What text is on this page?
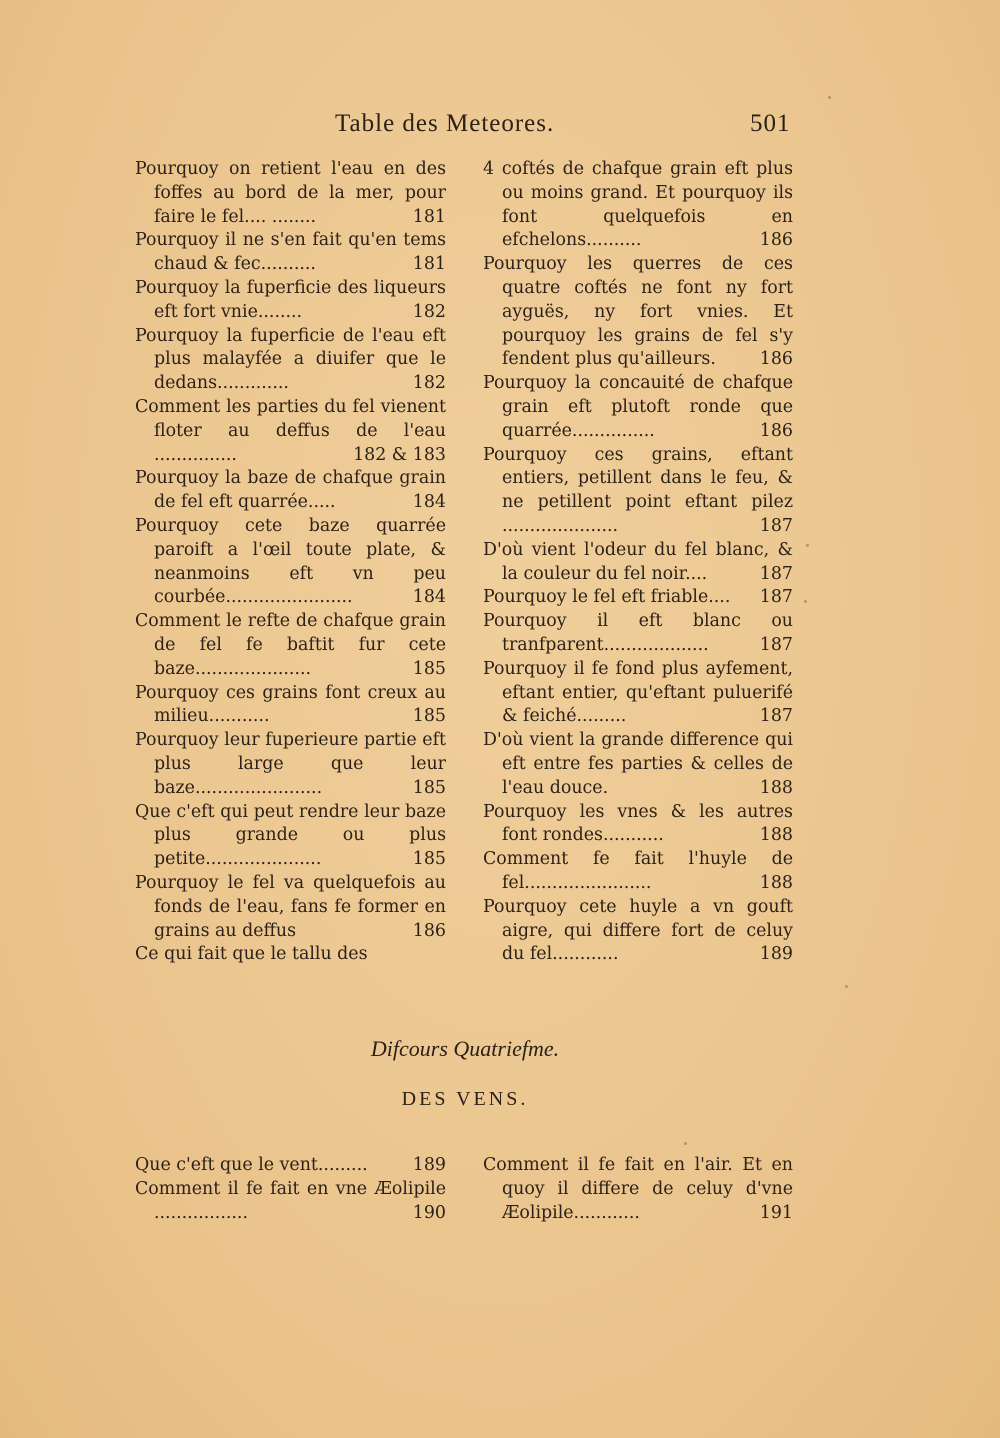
Table des Meteores.	501
Pourquoy on retient l'eau en des foffes au bord de la mer, pour faire le fel.... ........	181
Pourquoy il ne s'en fait qu'en tems chaud & fec..........	181
Pourquoy la fuperficie des liqueurs eft fort vnie........	182
Pourquoy la fuperficie de l'eau eft plus malayfée a diuifer que le dedans.............	182
Comment les parties du fel vienent floter au deffus de l'eau ...............	182 & 183
Pourquoy la baze de chafque grain de fel eft quarrée.....	184
Pourquoy cete baze quarrée paroift a l'œil toute plate, & neanmoins eft vn peu courbée.......................	184
Comment le refte de chafque grain de fel fe baftit fur cete baze.....................	185
Pourquoy ces grains font creux au milieu...........	185
Pourquoy leur fuperieure partie eft plus large que leur baze.......................	185
Que c'eft qui peut rendre leur baze plus grande ou plus petite.....................	185
Pourquoy le fel va quelquefois au fonds de l'eau, fans fe former en grains au deffus	186
Ce qui fait que le tallu des
4 coftés de chafque grain eft plus ou moins grand. Et pourquoy ils font quelquefois en efchelons..........	186
Pourquoy les querres de ces quatre coftés ne font ny fort ayguës, ny fort vnies. Et pourquoy les grains de fel s'y fendent plus qu'ailleurs.	186
Pourquoy la concauité de chafque grain eft plutoft ronde que quarrée...............	186
Pourquoy ces grains, eftant entiers, petillent dans le feu, & ne petillent point eftant pilez .....................	187
D'où vient l'odeur du fel blanc, & la couleur du fel noir....	187
Pourquoy le fel eft friable.... 187
Pourquoy il eft blanc ou tranfparent...................	187
Pourquoy il fe fond plus ayfement, eftant entier, qu'eftant puluerifé & feiché.........	187
D'où vient la grande difference qui eft entre fes parties & celles de l'eau douce.	188
Pourquoy les vnes & les autres font rondes...........	188
Comment fe fait l'huyle de fel.......................	188
Pourquoy cete huyle a vn gouft aigre, qui differe fort de celuy du fel............	189
Difcours Quatriefme.
DES VENS.
Que c'eft que le vent.........	189
Comment il fe fait en vne Æolipile .................	190
Comment il fe fait en l'air. Et en quoy il differe de celuy d'vne Æolipile............	191
